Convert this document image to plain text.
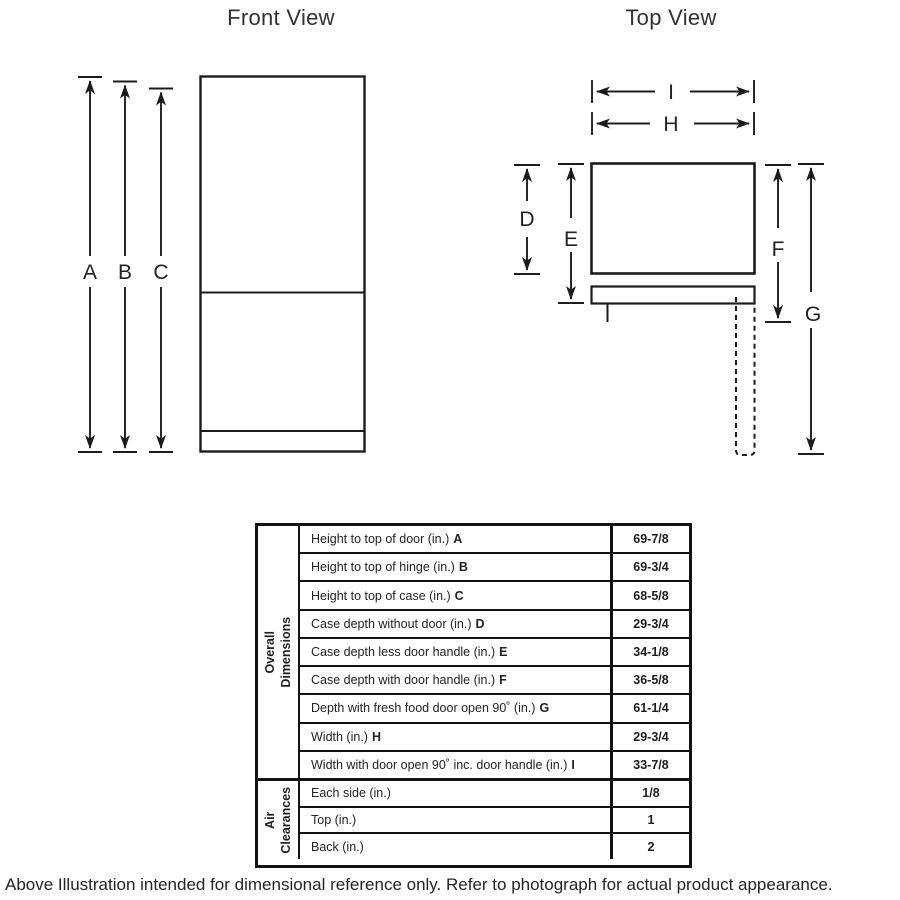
Front View	Top View
A B C
I
H
D
E	F
G
Overall Dimensions
Height to top of door (in.) A	69-7/8
Height to top of hinge (in.) B	69-3/4
Height to top of case (in.) C	68-5/8
Case depth without door (in.) D	29-3/4
Case depth less door handle (in.) E	34-1/8
Case depth with door handle (in.) F	36-5/8
Depth with fresh food door open 90˚ (in.) G	61-1/4
Width (in.) H	29-3/4
Width with door open 90˚ inc. door handle (in.) I	33-7/8
Air Clearances Each side (in.)	1/8
Top (in.)	1
Back (in.)	2
Above Illustration intended for dimensional reference only. Refer to photograph for actual product appearance.
